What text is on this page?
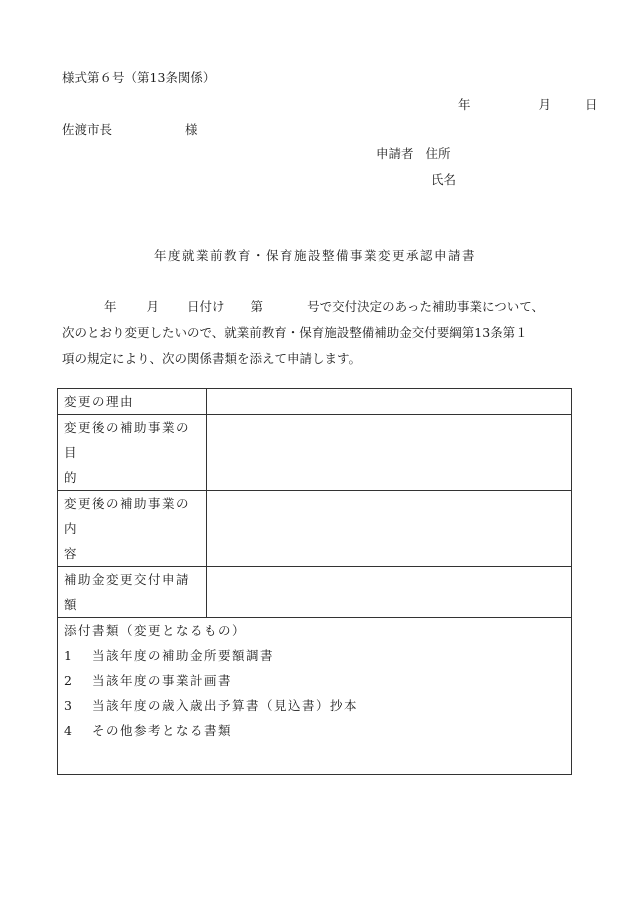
様式第６号（第13条関係）
年	月	日
佐渡市長	様
申請者 住所
氏名
年度就業前教育・保育施設整備事業変更承認申請書
年 月 日付け 第	号で交付決定のあった補助事業について、
次のとおり変更したいので、就業前教育・保育施設整備補助金交付要綱第13条第１
項の規定により、次の関係書類を添えて申請します。
変更の理由	
変更後の補助事業の目
的	
変更後の補助事業の内
容	
補助金変更交付申請額	

添付書類（変更となるもの）
1 当該年度の補助金所要額調書
2 当該年度の事業計画書
3 当該年度の歳入歳出予算書（見込書）抄本
4 その他参考となる書類	
